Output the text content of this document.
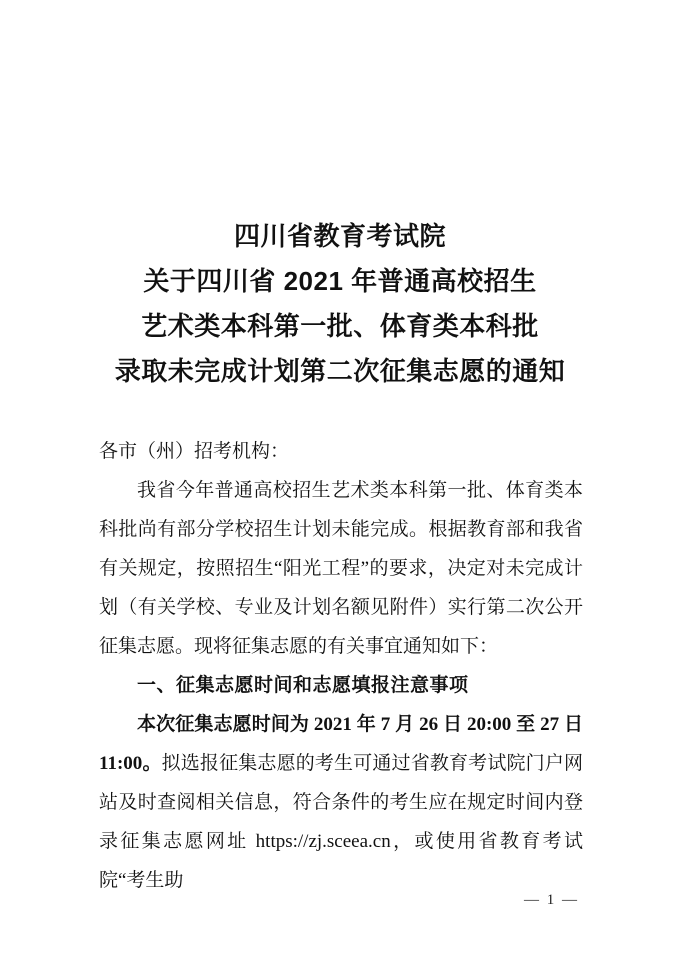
四川省教育考试院
关于四川省 2021 年普通高校招生
艺术类本科第一批、体育类本科批
录取未完成计划第二次征集志愿的通知

各市（州）招考机构：

我省今年普通高校招生艺术类本科第一批、体育类本科批尚有部分学校招生计划未能完成。根据教育部和我省有关规定，按照招生“阳光工程”的要求，决定对未完成计划（有关学校、专业及计划名额见附件）实行第二次公开征集志愿。现将征集志愿的有关事宜通知如下：

一、征集志愿时间和志愿填报注意事项

本次征集志愿时间为 2021 年 7 月 26 日 20:00 至 27 日 11:00。拟选报征集志愿的考生可通过省教育考试院门户网站及时查阅相关信息，符合条件的考生应在规定时间内登录征集志愿网址 https://zj.sceea.cn，或使用省教育考试院“考生助

— 1 —
